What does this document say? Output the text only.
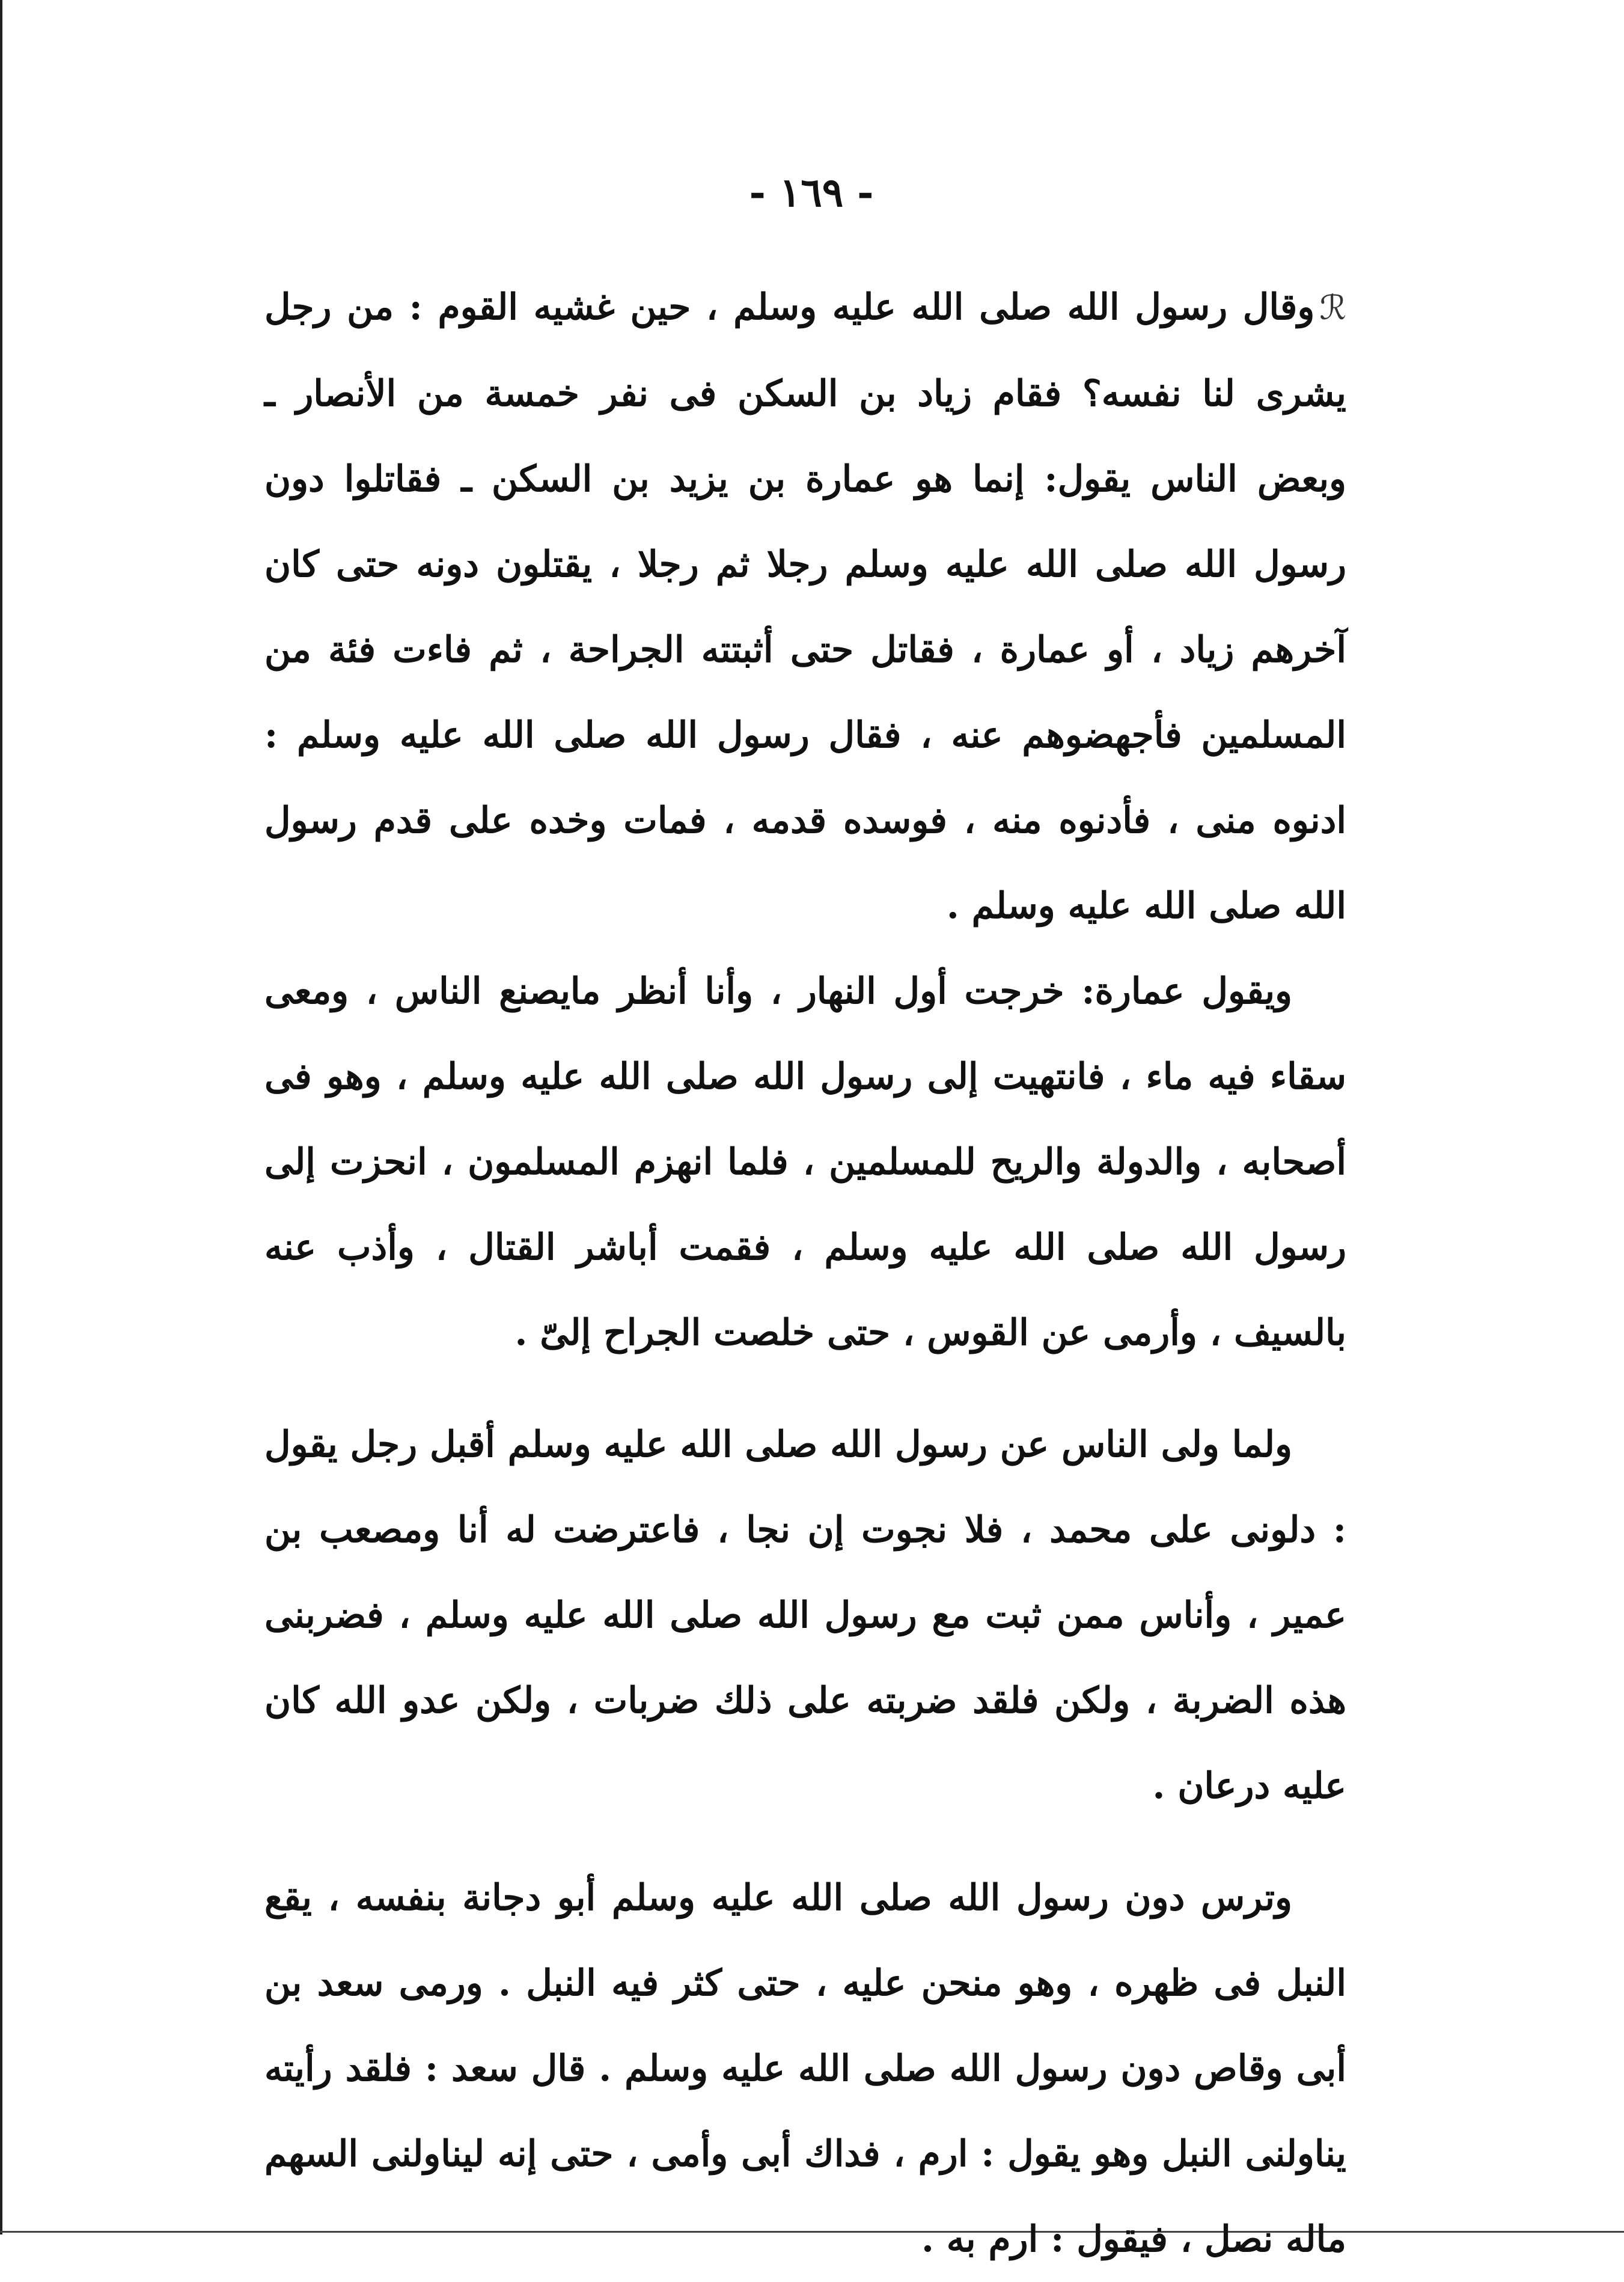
- ١٦٩ -

ℛوقال رسول الله صلى الله عليه وسلم ، حين غشيه القوم : من رجل يشرى لنا نفسه؟ فقام زياد بن السكن فى نفر خمسة من الأنصار ـ وبعض الناس يقول: إنما هو عمارة بن يزيد بن السكن ـ فقاتلوا دون رسول الله صلى الله عليه وسلم رجلا ثم رجلا ، يقتلون دونه حتى كان آخرهم زياد ، أو عمارة ، فقاتل حتى أثبتته الجراحة ، ثم فاءت فئة من المسلمين فأجهضوهم عنه ، فقال رسول الله صلى الله عليه وسلم : ادنوه منى ، فأدنوه منه ، فوسده قدمه ، فمات وخده على قدم رسول الله صلى الله عليه وسلم .

ويقول عمارة: خرجت أول النهار ، وأنا أنظر مايصنع الناس ، ومعى سقاء فيه ماء ، فانتهيت إلى رسول الله صلى الله عليه وسلم ، وهو فى أصحابه ، والدولة والريح للمسلمين ، فلما انهزم المسلمون ، انحزت إلى رسول الله صلى الله عليه وسلم ، فقمت أباشر القتال ، وأذب عنه بالسيف ، وأرمى عن القوس ، حتى خلصت الجراح إلىّ .

ولما ولى الناس عن رسول الله صلى الله عليه وسلم أقبل رجل يقول : دلونى على محمد ، فلا نجوت إن نجا ، فاعترضت له أنا ومصعب بن عمير ، وأناس ممن ثبت مع رسول الله صلى الله عليه وسلم ، فضربنى هذه الضربة ، ولكن فلقد ضربته على ذلك ضربات ، ولكن عدو الله كان عليه درعان .

وترس دون رسول الله صلى الله عليه وسلم أبو دجانة بنفسه ، يقع النبل فى ظهره ، وهو منحن عليه ، حتى كثر فيه النبل . ورمى سعد بن أبى وقاص دون رسول الله صلى الله عليه وسلم . قال سعد : فلقد رأيته يناولنى النبل وهو يقول : ارم ، فداك أبى وأمى ، حتى إنه ليناولنى السهم ماله نصل ، فيقول : ارم به .
